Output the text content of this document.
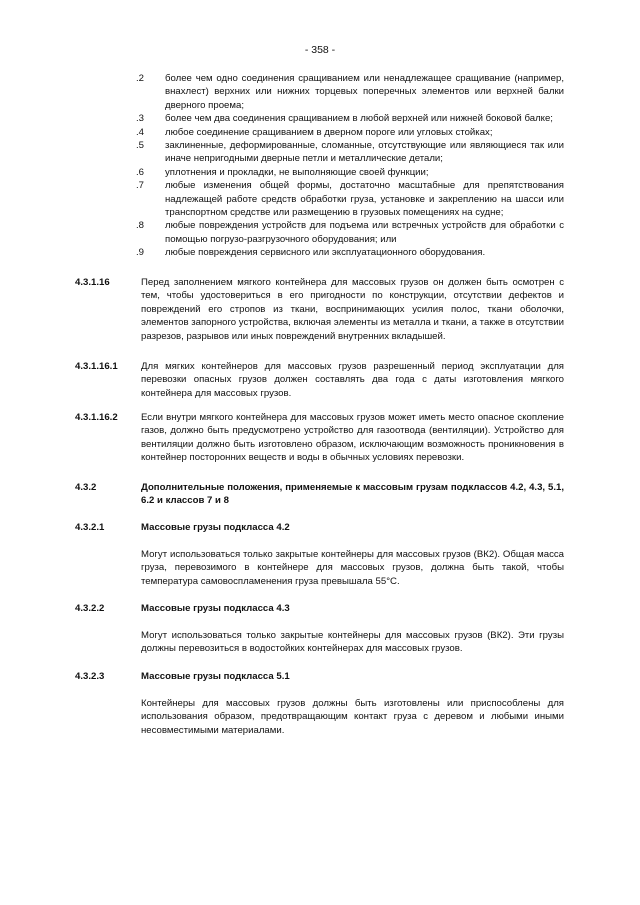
- 358 -
.2	более чем одно соединения сращиванием или ненадлежащее сращивание (например, внахлест) верхних или нижних торцевых поперечных элементов или верхней балки дверного проема;
.3	более чем два соединения сращиванием в любой верхней или нижней боковой балке;
.4	любое соединение сращиванием в дверном пороге или угловых стойках;
.5	заклиненные, деформированные, сломанные, отсутствующие или являющиеся так или иначе непригодными дверные петли и металлические детали;
.6	уплотнения и прокладки, не выполняющие своей функции;
.7	любые изменения общей формы, достаточно масштабные для препятствования надлежащей работе средств обработки груза, установке и закреплению на шасси или транспортном средстве или размещению в грузовых помещениях на судне;
.8	любые повреждения устройств для подъема или встречных устройств для обработки с помощью погрузо-разгрузочного оборудования; или
.9	любые повреждения сервисного или эксплуатационного оборудования.
4.3.1.16	Перед заполнением мягкого контейнера для массовых грузов он должен быть осмотрен с тем, чтобы удостовериться в его пригодности по конструкции, отсутствии дефектов и повреждений его стропов из ткани, воспринимающих усилия полос, ткани оболочки, элементов запорного устройства, включая элементы из металла и ткани, а также в отсутствии разрезов, разрывов или иных повреждений внутренних вкладышей.
4.3.1.16.1	Для мягких контейнеров для массовых грузов разрешенный период эксплуатации для перевозки опасных грузов должен составлять два года с даты изготовления мягкого контейнера для массовых грузов.
4.3.1.16.2	Если внутри мягкого контейнера для массовых грузов может иметь место опасное скопление газов, должно быть предусмотрено устройство для газоотвода (вентиляции). Устройство для вентиляции должно быть изготовлено образом, исключающим возможность проникновения в контейнер посторонних веществ и воды в обычных условиях перевозки.
4.3.2	Дополнительные положения, применяемые к массовым грузам подклассов 4.2, 4.3, 5.1, 6.2 и классов 7 и 8
4.3.2.1	Массовые грузы подкласса 4.2
Могут использоваться только закрытые контейнеры для массовых грузов (ВК2). Общая масса груза, перевозимого в контейнере для массовых грузов, должна быть такой, чтобы температура самовоспламенения груза превышала 55°С.
4.3.2.2	Массовые грузы подкласса 4.3
Могут использоваться только закрытые контейнеры для массовых грузов (ВК2). Эти грузы должны перевозиться в водостойких контейнерах для массовых грузов.
4.3.2.3	Массовые грузы подкласса 5.1
Контейнеры для массовых грузов должны быть изготовлены или приспособлены для использования образом, предотвращающим контакт груза с деревом и любыми иными несовместимыми материалами.
